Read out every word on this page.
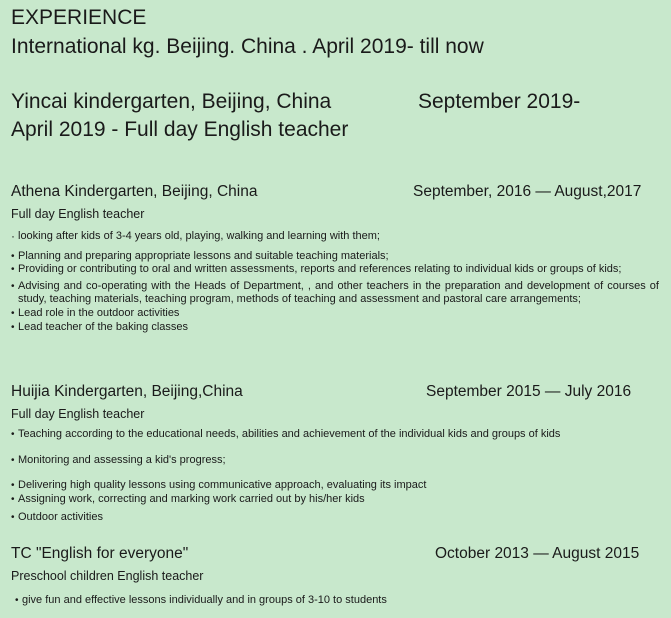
EXPERIENCE
International kg. Beijing. China . April 2019- till now
Yincai kindergarten, Beijing, China	September 2019-
April 2019 - Full day English teacher
Athena Kindergarten, Beijing, China	September, 2016 — August,2017
Full day English teacher
· looking after kids of 3-4 years old, playing, walking and learning with them;
• Planning and preparing appropriate lessons and suitable teaching materials;
• Providing or contributing to oral and written assessments, reports and references relating to individual kids or groups of kids;
• Advising and co-operating with the Heads of Department, , and other teachers in the preparation and development of courses of study, teaching materials, teaching program, methods of teaching and assessment and pastoral care arrangements;
• Lead role in the outdoor activities
• Lead teacher of the baking classes
Huijia Kindergarten, Beijing,China	September 2015 — July 2016
Full day English teacher
• Teaching according to the educational needs, abilities and achievement of the individual kids and groups of kids
• Monitoring and assessing a kid's progress;
• Delivering high quality lessons using communicative approach, evaluating its impact
• Assigning work, correcting and marking work carried out by his/her kids
• Outdoor activities
TC "English for everyone"	October 2013 — August 2015
Preschool children English teacher
• give fun and effective lessons individually and in groups of 3-10 to students
